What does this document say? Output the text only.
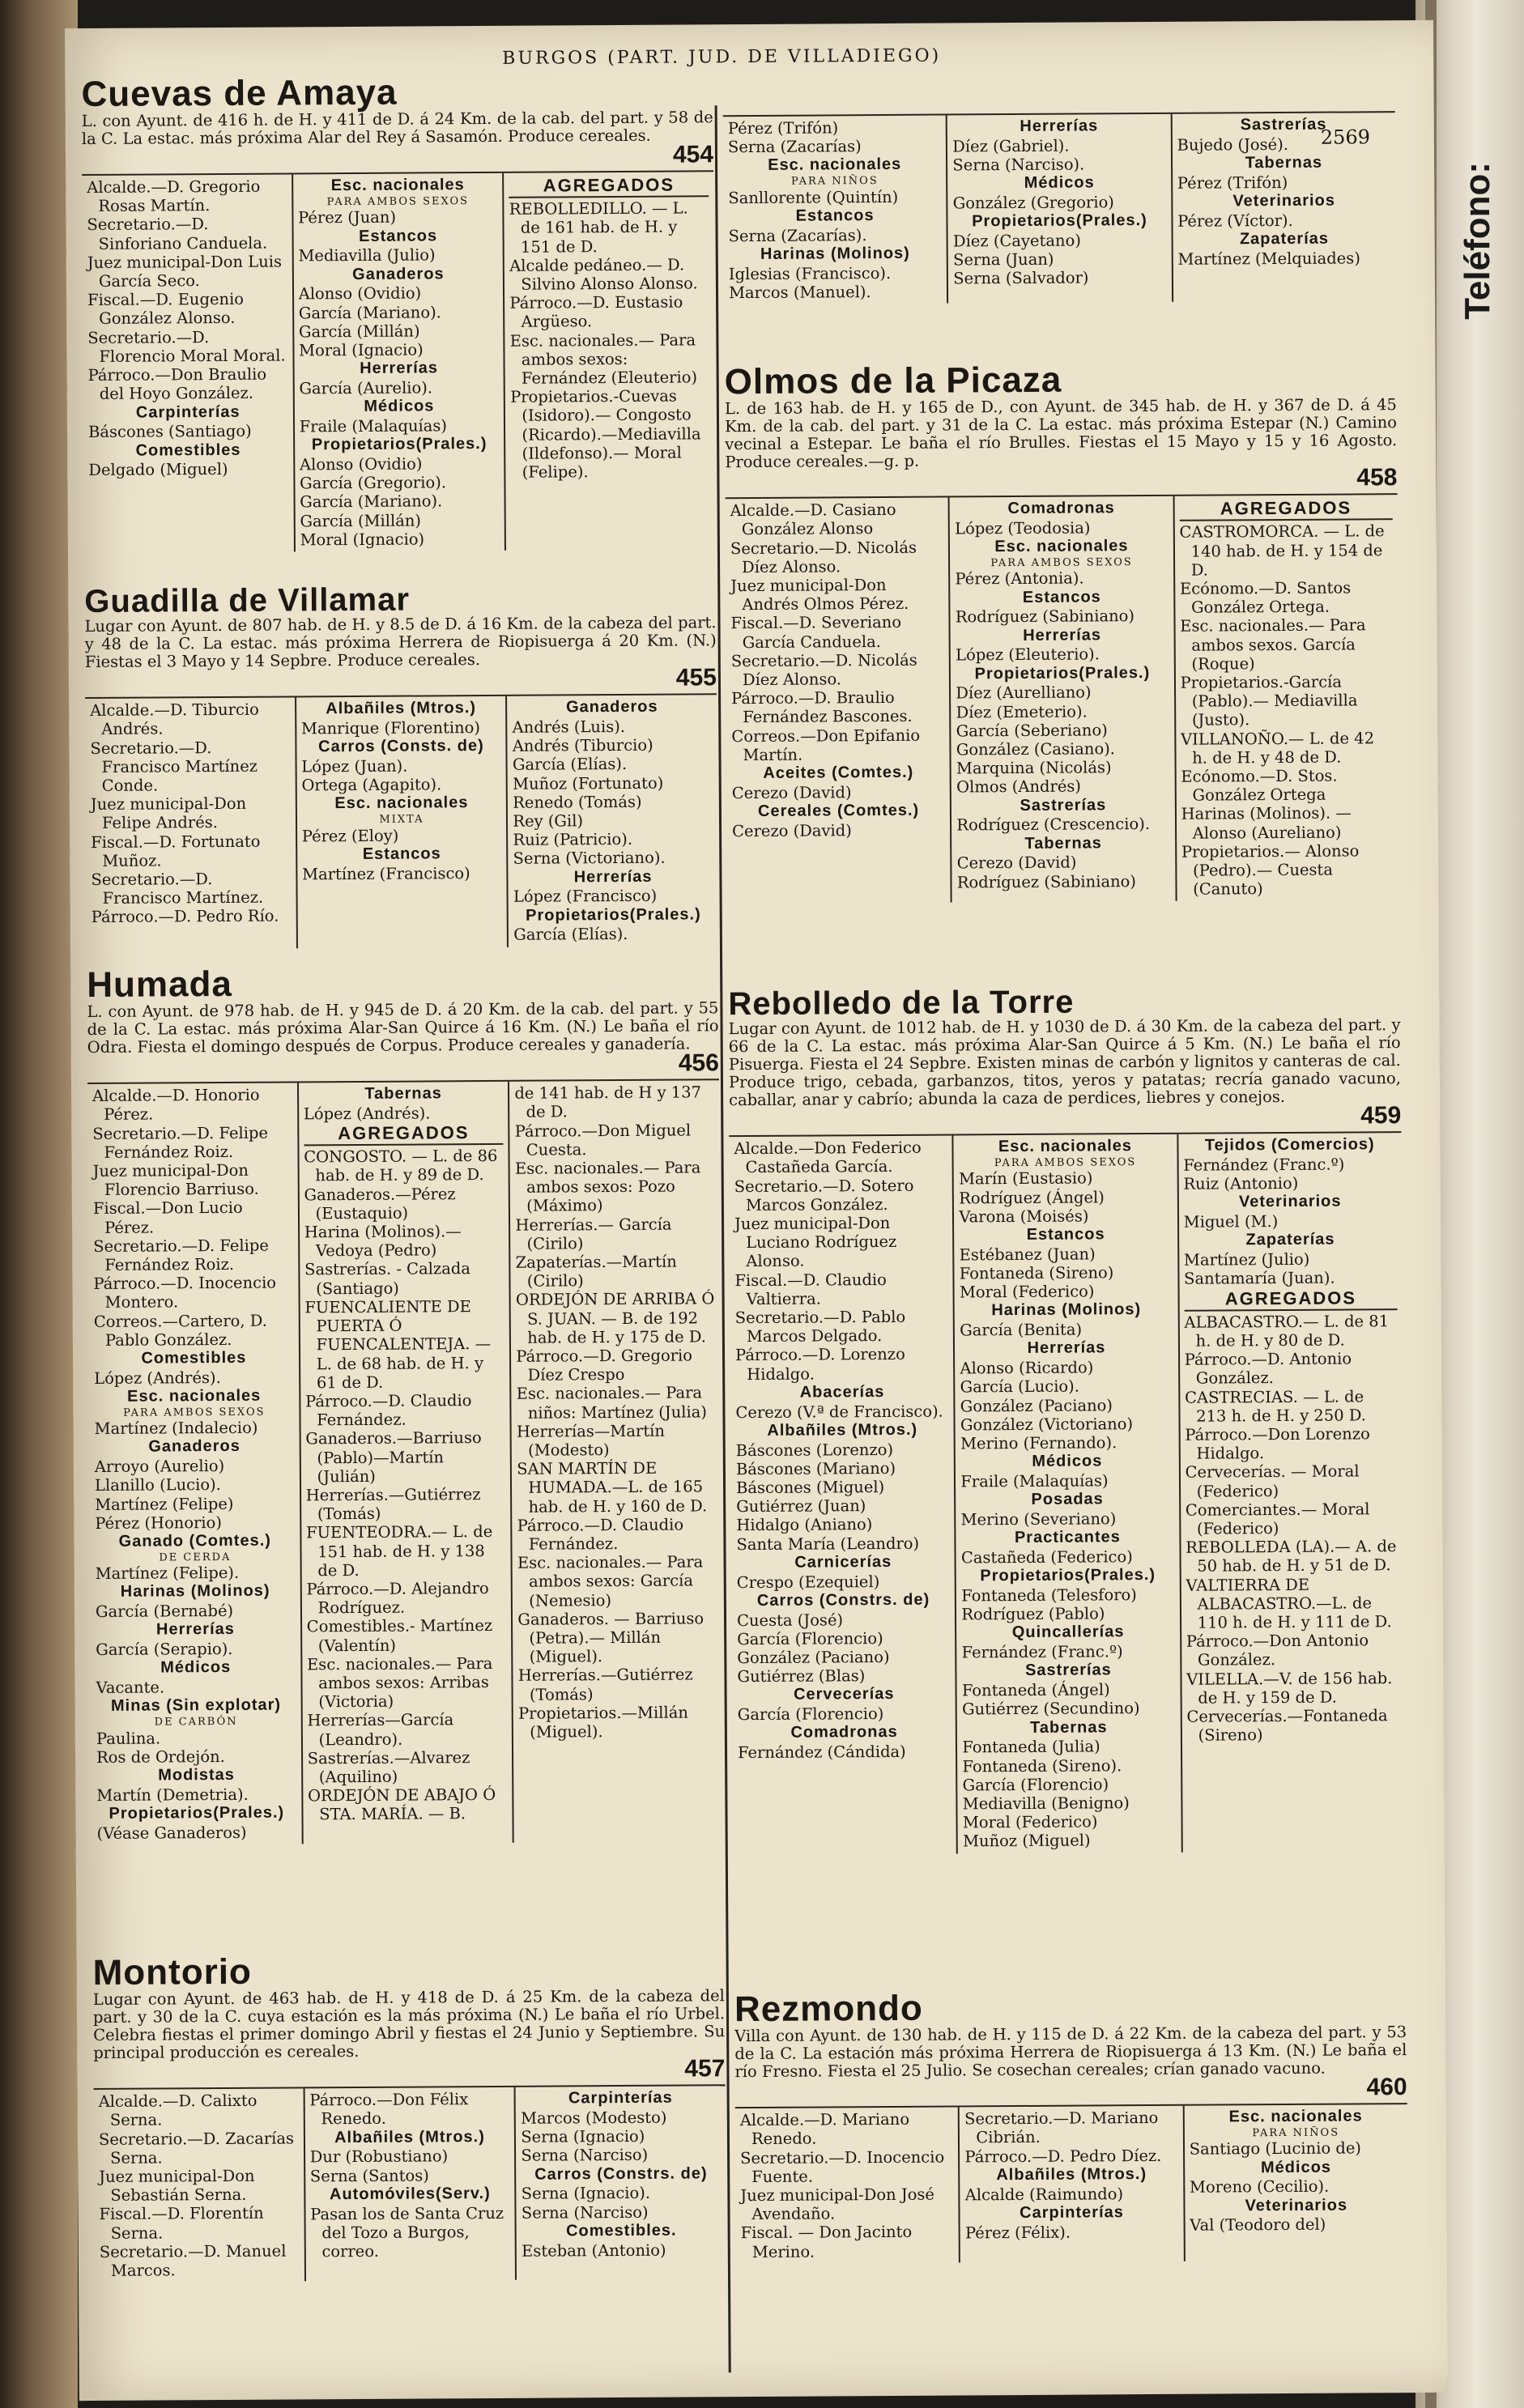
Teléfono:
BURGOS (PART. JUD. DE VILLADIEGO)
2569
Cuevas de Amaya
L. con Ayunt. de 416 h. de H. y 411 de D. á 24 Km. de la cab. del part. y 58 de la C. La estac. más próxima Alar del Rey á Sasamón. Produce cereales.
454
Alcalde.—D. Gregorio Rosas Martín.
Secretario.—D. Sinforiano Canduela.
Juez municipal-Don Luis García Seco.
Fiscal.—D. Eugenio González Alonso.
Secretario.—D. Florencio Moral Moral.
Párroco.—Don Braulio del Hoyo González.
Carpinterías
Báscones (Santiago)
Comestibles
Delgado (Miguel)
Esc. nacionales
PARA AMBOS SEXOS
Pérez (Juan)
Estancos
Mediavilla (Julio)
Ganaderos
Alonso (Ovidio)
García (Mariano).
García (Millán)
Moral (Ignacio)
Herrerías
García (Aurelio).
Médicos
Fraile (Malaquías)
Propietarios(Prales.)
Alonso (Ovidio)
García (Gregorio).
García (Mariano).
García (Millán)
Moral (Ignacio)
AGREGADOS
REBOLLEDILLO. — L. de 161 hab. de H. y 151 de D.
Alcalde pedáneo.— D. Silvino Alonso Alonso.
Párroco.—D. Eustasio Argüeso.
Esc. nacionales.— Para ambos sexos: Fernández (Eleuterio)
Propietarios.-Cuevas (Isidoro).— Congosto (Ricardo).—Mediavilla (Ildefonso).— Moral (Felipe).
Guadilla de Villamar
Lugar con Ayunt. de 807 hab. de H. y 8.5 de D. á 16 Km. de la cabeza del part. y 48 de la C. La estac. más próxima Herrera de Riopisuerga á 20 Km. (N.) Fiestas el 3 Mayo y 14 Sepbre. Produce cereales.
455
Alcalde.—D. Tiburcio Andrés.
Secretario.—D. Francisco Martínez Conde.
Juez municipal-Don Felipe Andrés.
Fiscal.—D. Fortunato Muñoz.
Secretario.—D. Francisco Martínez.
Párroco.—D. Pedro Río.
Albañiles (Mtros.)
Manrique (Florentino)
Carros (Consts. de)
López (Juan).
Ortega (Agapito).
Esc. nacionales
MIXTA
Pérez (Eloy)
Estancos
Martínez (Francisco)
Ganaderos
Andrés (Luis).
Andrés (Tiburcio)
García (Elías).
Muñoz (Fortunato)
Renedo (Tomás)
Rey (Gil)
Ruiz (Patricio).
Serna (Victoriano).
Herrerías
López (Francisco)
Propietarios(Prales.)
García (Elías).
Humada
L. con Ayunt. de 978 hab. de H. y 945 de D. á 20 Km. de la cab. del part. y 55 de la C. La estac. más próxima Alar-San Quirce á 16 Km. (N.) Le baña el río Odra. Fiesta el domingo después de Corpus. Produce cereales y ganadería.
456
Alcalde.—D. Honorio Pérez.
Secretario.—D. Felipe Fernández Roiz.
Juez municipal-Don Florencio Barriuso.
Fiscal.—Don Lucio Pérez.
Secretario.—D. Felipe Fernández Roiz.
Párroco.—D. Inocencio Montero.
Correos.—Cartero, D. Pablo González.
Comestibles
López (Andrés).
Esc. nacionales
PARA AMBOS SEXOS
Martínez (Indalecio)
Ganaderos
Arroyo (Aurelio)
Llanillo (Lucio).
Martínez (Felipe)
Pérez (Honorio)
Ganado (Comtes.)
DE CERDA
Martínez (Felipe).
Harinas (Molinos)
García (Bernabé)
Herrerías
García (Serapio).
Médicos
Vacante.
Minas (Sin explotar)
DE CARBÓN
Paulina.
Ros de Ordejón.
Modistas
Martín (Demetria).
Propietarios(Prales.)
(Véase Ganaderos)
Tabernas
López (Andrés).
AGREGADOS
CONGOSTO. — L. de 86 hab. de H. y 89 de D.
Ganaderos.—Pérez (Eustaquio)
Harina (Molinos).— Vedoya (Pedro)
Sastrerías. - Calzada (Santiago)
FUENCALIENTE DE PUERTA Ó FUENCALENTEJA. — L. de 68 hab. de H. y 61 de D.
Párroco.—D. Claudio Fernández.
Ganaderos.—Barriuso (Pablo)—Martín (Julián)
Herrerías.—Gutiérrez (Tomás)
FUENTEODRA.— L. de 151 hab. de H. y 138 de D.
Párroco.—D. Alejandro Rodríguez.
Comestibles.- Martínez (Valentín)
Esc. nacionales.— Para ambos sexos: Arribas (Victoria)
Herrerías—García (Leandro).
Sastrerías.—Alvarez (Aquilino)
ORDEJÓN DE ABAJO Ó STA. MARÍA. — B.
de 141 hab. de H y 137 de D.
Párroco.—Don Miguel Cuesta.
Esc. nacionales.— Para ambos sexos: Pozo (Máximo)
Herrerías.— García (Cirilo)
Zapaterías.—Martín (Cirilo)
ORDEJÓN DE ARRIBA Ó S. JUAN. — B. de 192 hab. de H. y 175 de D.
Párroco.—D. Gregorio Díez Crespo
Esc. nacionales.— Para niños: Martínez (Julia)
Herrerías—Martín (Modesto)
SAN MARTÍN DE HUMADA.—L. de 165 hab. de H. y 160 de D.
Párroco.—D. Claudio Fernández.
Esc. nacionales.— Para ambos sexos: García (Nemesio)
Ganaderos. — Barriuso (Petra).— Millán (Miguel).
Herrerías.—Gutiérrez (Tomás)
Propietarios.—Millán (Miguel).
Montorio
Lugar con Ayunt. de 463 hab. de H. y 418 de D. á 25 Km. de la cabeza del part. y 30 de la C. cuya estación es la más próxima (N.) Le baña el río Urbel. Celebra fiestas el primer domingo Abril y fiestas el 24 Junio y Septiembre. Su principal producción es cereales.
457
Alcalde.—D. Calixto Serna.
Secretario.—D. Zacarías Serna.
Juez municipal-Don Sebastián Serna.
Fiscal.—D. Florentín Serna.
Secretario.—D. Manuel Marcos.
Párroco.—Don Félix Renedo.
Albañiles (Mtros.)
Dur (Robustiano)
Serna (Santos)
Automóviles(Serv.)
Pasan los de Santa Cruz del Tozo a Burgos, correo.
Carpinterías
Marcos (Modesto)
Serna (Ignacio)
Serna (Narciso)
Carros (Constrs. de)
Serna (Ignacio).
Serna (Narciso)
Comestibles.
Esteban (Antonio)
Pérez (Trifón)
Serna (Zacarías)
Esc. nacionales
PARA NIÑOS
Sanllorente (Quintín)
Estancos
Serna (Zacarías).
Harinas (Molinos)
Iglesias (Francisco).
Marcos (Manuel).
Herrerías
Díez (Gabriel).
Serna (Narciso).
Médicos
González (Gregorio)
Propietarios(Prales.)
Díez (Cayetano)
Serna (Juan)
Serna (Salvador)
Sastrerías
Bujedo (José).
Tabernas
Pérez (Trifón)
Veterinarios
Pérez (Víctor).
Zapaterías
Martínez (Melquiades)
Olmos de la Picaza
L. de 163 hab. de H. y 165 de D., con Ayunt. de 345 hab. de H. y 367 de D. á 45 Km. de la cab. del part. y 31 de la C. La estac. más próxima Estepar (N.) Camino vecinal a Estepar. Le baña el río Brulles. Fiestas el 15 Mayo y 15 y 16 Agosto. Produce cereales.—g. p.
458
Alcalde.—D. Casiano González Alonso
Secretario.—D. Nicolás Díez Alonso.
Juez municipal-Don Andrés Olmos Pérez.
Fiscal.—D. Severiano García Canduela.
Secretario.—D. Nicolás Díez Alonso.
Párroco.—D. Braulio Fernández Bascones.
Correos.—Don Epifanio Martín.
Aceites (Comtes.)
Cerezo (David)
Cereales (Comtes.)
Cerezo (David)
Comadronas
López (Teodosia)
Esc. nacionales
PARA AMBOS SEXOS
Pérez (Antonia).
Estancos
Rodríguez (Sabiniano)
Herrerías
López (Eleuterio).
Propietarios(Prales.)
Díez (Aurelliano)
Díez (Emeterio).
García (Seberiano)
González (Casiano).
Marquina (Nicolás)
Olmos (Andrés)
Sastrerías
Rodríguez (Crescencio).
Tabernas
Cerezo (David)
Rodríguez (Sabiniano)
AGREGADOS
CASTROMORCA. — L. de 140 hab. de H. y 154 de D.
Ecónomo.—D. Santos González Ortega.
Esc. nacionales.— Para ambos sexos. García (Roque)
Propietarios.-García (Pablo).— Mediavilla (Justo).
VILLANOÑO.— L. de 42 h. de H. y 48 de D.
Ecónomo.—D. Stos. González Ortega
Harinas (Molinos). — Alonso (Aureliano)
Propietarios.— Alonso (Pedro).— Cuesta (Canuto)
Rebolledo de la Torre
Lugar con Ayunt. de 1012 hab. de H. y 1030 de D. á 30 Km. de la cabeza del part. y 66 de la C. La estac. más próxima Alar-San Quirce á 5 Km. (N.) Le baña el río Pisuerga. Fiesta el 24 Sepbre. Existen minas de carbón y lignitos y canteras de cal. Produce trigo, cebada, garbanzos, titos, yeros y patatas; recría ganado vacuno, caballar, anar y cabrío; abunda la caza de perdices, liebres y conejos.
459
Alcalde.—Don Federico Castañeda García.
Secretario.—D. Sotero Marcos González.
Juez municipal-Don Luciano Rodríguez Alonso.
Fiscal.—D. Claudio Valtierra.
Secretario.—D. Pablo Marcos Delgado.
Párroco.—D. Lorenzo Hidalgo.
Abacerías
Cerezo (V.ª de Francisco).
Albañiles (Mtros.)
Báscones (Lorenzo)
Báscones (Mariano)
Báscones (Miguel)
Gutiérrez (Juan)
Hidalgo (Aniano)
Santa María (Leandro)
Carnicerías
Crespo (Ezequiel)
Carros (Constrs. de)
Cuesta (José)
García (Florencio)
González (Paciano)
Gutiérrez (Blas)
Cervecerías
García (Florencio)
Comadronas
Fernández (Cándida)
Esc. nacionales
PARA AMBOS SEXOS
Marín (Eustasio)
Rodríguez (Ángel)
Varona (Moisés)
Estancos
Estébanez (Juan)
Fontaneda (Sireno)
Moral (Federico)
Harinas (Molinos)
García (Benita)
Herrerías
Alonso (Ricardo)
García (Lucio).
González (Paciano)
González (Victoriano)
Merino (Fernando).
Médicos
Fraile (Malaquías)
Posadas
Merino (Severiano)
Practicantes
Castañeda (Federico)
Propietarios(Prales.)
Fontaneda (Telesforo)
Rodríguez (Pablo)
Quincallerías
Fernández (Franc.º)
Sastrerías
Fontaneda (Ángel)
Gutiérrez (Secundino)
Tabernas
Fontaneda (Julia)
Fontaneda (Sireno).
García (Florencio)
Mediavilla (Benigno)
Moral (Federico)
Muñoz (Miguel)
Tejidos (Comercios)
Fernández (Franc.º)
Ruiz (Antonio)
Veterinarios
Miguel (M.)
Zapaterías
Martínez (Julio)
Santamaría (Juan).
AGREGADOS
ALBACASTRO.— L. de 81 h. de H. y 80 de D.
Párroco.—D. Antonio González.
CASTRECIAS. — L. de 213 h. de H. y 250 D.
Párroco.—Don Lorenzo Hidalgo.
Cervecerías. — Moral (Federico)
Comerciantes.— Moral (Federico)
REBOLLEDA (LA).— A. de 50 hab. de H. y 51 de D.
VALTIERRA DE ALBACASTRO.—L. de 110 h. de H. y 111 de D.
Párroco.—Don Antonio González.
VILELLA.—V. de 156 hab. de H. y 159 de D.
Cervecerías.—Fontaneda (Sireno)
Rezmondo
Villa con Ayunt. de 130 hab. de H. y 115 de D. á 22 Km. de la cabeza del part. y 53 de la C. La estación más próxima Herrera de Riopisuerga á 13 Km. (N.) Le baña el río Fresno. Fiesta el 25 Julio. Se cosechan cereales; crían ganado vacuno.
460
Alcalde.—D. Mariano Renedo.
Secretario.—D. Inocencio Fuente.
Juez municipal-Don José Avendaño.
Fiscal. — Don Jacinto Merino.
Secretario.—D. Mariano Cibrián.
Párroco.—D. Pedro Díez.
Albañiles (Mtros.)
Alcalde (Raimundo)
Carpinterías
Pérez (Félix).
Esc. nacionales
PARA NIÑOS
Santiago (Lucinio de)
Médicos
Moreno (Cecilio).
Veterinarios
Val (Teodoro del)
